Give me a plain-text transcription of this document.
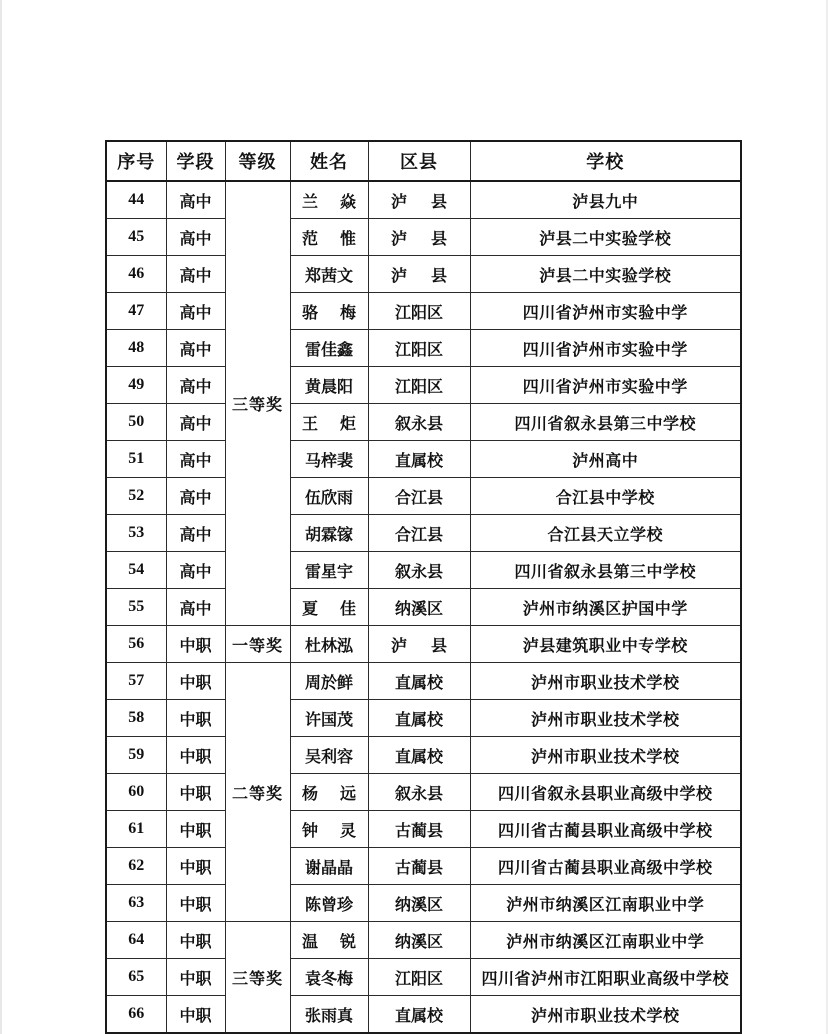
序号	学段	等级	姓名	区县	学校
44	高中	三等奖	兰 焱	泸 县	泸县九中
45	高中		范 惟	泸 县	泸县二中实验学校
46	高中		郑茜文	泸 县	泸县二中实验学校
47	高中		骆 梅	江阳区	四川省泸州市实验中学
48	高中		雷佳鑫	江阳区	四川省泸州市实验中学
49	高中		黄晨阳	江阳区	四川省泸州市实验中学
50	高中		王 炬	叙永县	四川省叙永县第三中学校
51	高中		马梓裴	直属校	泸州高中
52	高中		伍欣雨	合江县	合江县中学校
53	高中		胡霖镓	合江县	合江县天立学校
54	高中		雷星宇	叙永县	四川省叙永县第三中学校
55	高中		夏 佳	纳溪区	泸州市纳溪区护国中学
56	中职	一等奖	杜林泓	泸 县	泸县建筑职业中专学校
57	中职	二等奖	周於鲜	直属校	泸州市职业技术学校
58	中职		许国茂	直属校	泸州市职业技术学校
59	中职		吴利容	直属校	泸州市职业技术学校
60	中职		杨 远	叙永县	四川省叙永县职业高级中学校
61	中职		钟 灵	古蔺县	四川省古蔺县职业高级中学校
62	中职		谢晶晶	古蔺县	四川省古蔺县职业高级中学校
63	中职		陈曾珍	纳溪区	泸州市纳溪区江南职业中学
64	中职	三等奖	温 锐	纳溪区	泸州市纳溪区江南职业中学
65	中职		袁冬梅	江阳区	四川省泸州市江阳职业高级中学校
66	中职		张雨真	直属校	泸州市职业技术学校
